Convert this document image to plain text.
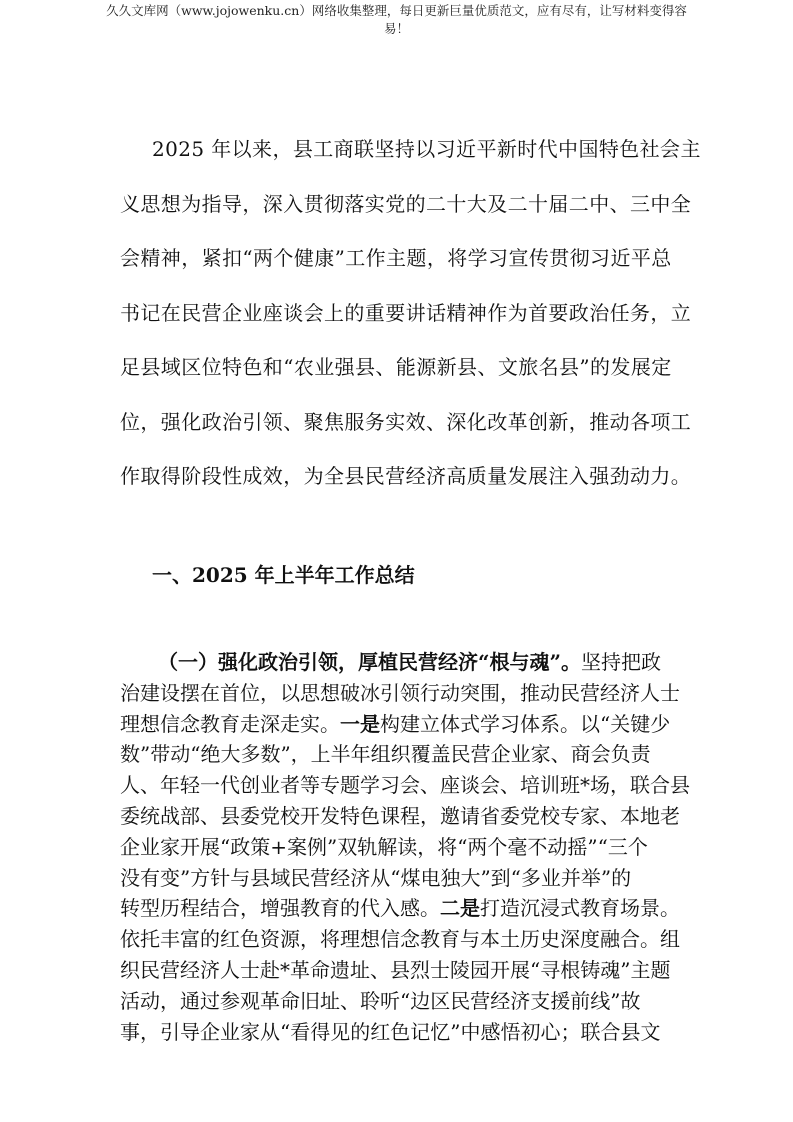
久久文库网（www.jojowenku.cn）网络收集整理，每日更新巨量优质范文，应有尽有，让写材料变得容
易！
2025 年以来，县工商联坚持以习近平新时代中国特色社会主
义思想为指导，深入贯彻落实党的二十大及二十届二中、三中全
会精神，紧扣“两个健康”工作主题，将学习宣传贯彻习近平总
书记在民营企业座谈会上的重要讲话精神作为首要政治任务，立
足县域区位特色和“农业强县、能源新县、文旅名县”的发展定
位，强化政治引领、聚焦服务实效、深化改革创新，推动各项工
作取得阶段性成效，为全县民营经济高质量发展注入强劲动力。
一、2025 年上半年工作总结
（一）强化政治引领，厚植民营经济“根与魂”。坚持把政
治建设摆在首位，以思想破冰引领行动突围，推动民营经济人士
理想信念教育走深走实。一是构建立体式学习体系。以“关键少
数”带动“绝大多数”，上半年组织覆盖民营企业家、商会负责
人、年轻一代创业者等专题学习会、座谈会、培训班*场，联合县
委统战部、县委党校开发特色课程，邀请省委党校专家、本地老
企业家开展“政策+案例”双轨解读，将“两个毫不动摇”“三个
没有变”方针与县域民营经济从“煤电独大”到“多业并举”的
转型历程结合，增强教育的代入感。二是打造沉浸式教育场景。
依托丰富的红色资源，将理想信念教育与本土历史深度融合。组
织民营经济人士赴*革命遗址、县烈士陵园开展“寻根铸魂”主题
活动，通过参观革命旧址、聆听“边区民营经济支援前线”故
事，引导企业家从“看得见的红色记忆”中感悟初心；联合县文
